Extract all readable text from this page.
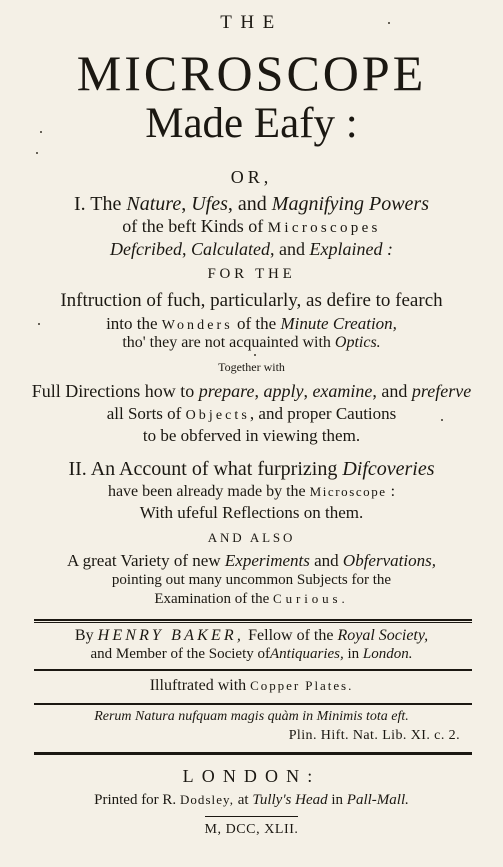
THE
MICROSCOPE
Made Eafy :
OR,
I. The Nature, Ufes, and Magnifying Powers
of the beft Kinds of Microscopes
Defcribed, Calculated, and Explained :
FOR THE
Inftruction of fuch, particularly, as defire to fearch
into the Wonders of the Minute Creation,
tho' they are not acquainted with Optics.
Together with
Full Directions how to prepare, apply, examine, and preferve
all Sorts of Objects, and proper Cautions
to be obferved in viewing them.
II. An Account of what furprizing Difcoveries
have been already made by the Microscope :
With ufeful Reflections on them.
AND ALSO
A great Variety of new Experiments and Obfervations,
pointing out many uncommon Subjects for the
Examination of the Curious.
By HENRY BAKER, Fellow of the Royal Society,
and Member of the Society ofAntiquaries, in London.
Illuftrated with Copper Plates.
Rerum Natura nufquam magis quàm in Minimis tota eft.
Plin. Hift. Nat. Lib. XI. c. 2.
LONDON:
Printed for R. Dodsley, at Tully's Head in Pall-Mall.
M, DCC, XLII.
